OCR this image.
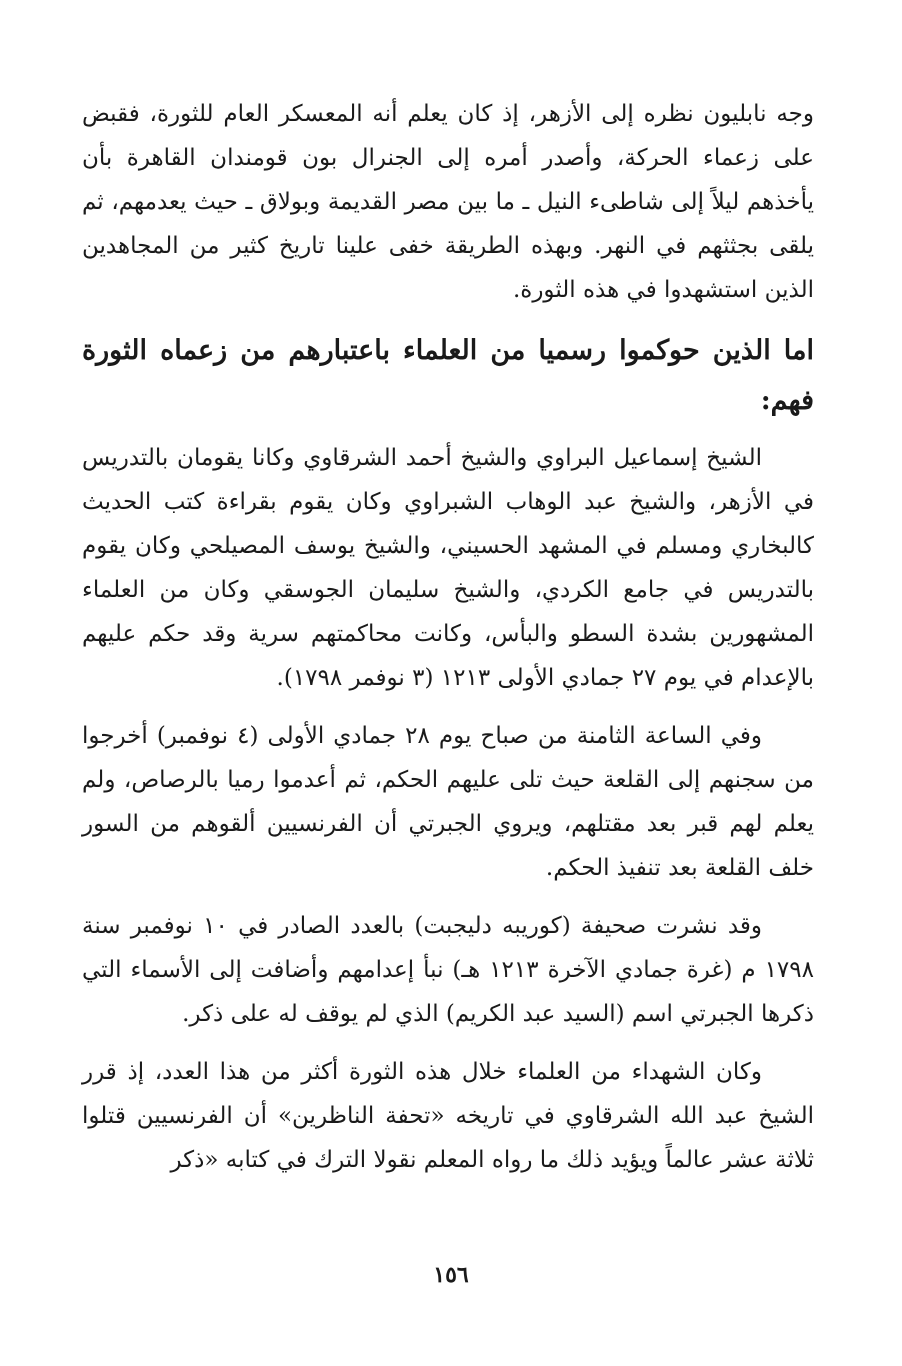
وجه نابليون نظره إلى الأزهر، إذ كان يعلم أنه المعسكر العام للثورة، فقبض على زعماء الحركة، وأصدر أمره إلى الجنرال بون قومندان القاهرة بأن يأخذهم ليلاً إلى شاطىء النيل ـ ما بين مصر القديمة وبولاق ـ حيث يعدمهم، ثم يلقى بجثثهم في النهر. وبهذه الطريقة خفى علينا تاريخ كثير من المجاهدين الذين استشهدوا في هذه الثورة.

اما الذين حوكموا رسميا من العلماء باعتبارهم من زعماه الثورة فهم:

الشيخ إسماعيل البراوي والشيخ أحمد الشرقاوي وكانا يقومان بالتدريس في الأزهر، والشيخ عبد الوهاب الشبراوي وكان يقوم بقراءة كتب الحديث كالبخاري ومسلم في المشهد الحسيني، والشيخ يوسف المصيلحي وكان يقوم بالتدريس في جامع الكردي، والشيخ سليمان الجوسقي وكان من العلماء المشهورين بشدة السطو والبأس، وكانت محاكمتهم سرية وقد حكم عليهم بالإعدام في يوم ٢٧ جمادي الأولى ١٢١٣ (٣ نوفمر ١٧٩٨).

وفي الساعة الثامنة من صباح يوم ٢٨ جمادي الأولى (٤ نوفمبر) أخرجوا من سجنهم إلى القلعة حيث تلى عليهم الحكم، ثم أعدموا رميا بالرصاص، ولم يعلم لهم قبر بعد مقتلهم، ويروي الجبرتي أن الفرنسيين ألقوهم من السور خلف القلعة بعد تنفيذ الحكم.

وقد نشرت صحيفة (كوريبه دليجبت) بالعدد الصادر في ١٠ نوفمبر سنة ١٧٩٨ م (غرة جمادي الآخرة ١٢١٣ هـ) نبأ إعدامهم وأضافت إلى الأسماء التي ذكرها الجبرتي اسم (السيد عبد الكريم) الذي لم يوقف له على ذكر.

وكان الشهداء من العلماء خلال هذه الثورة أكثر من هذا العدد، إذ قرر الشيخ عبد الله الشرقاوي في تاريخه «تحفة الناظرين» أن الفرنسيين قتلوا ثلاثة عشر عالماً ويؤيد ذلك ما رواه المعلم نقولا الترك في كتابه «ذكر

١٥٦
